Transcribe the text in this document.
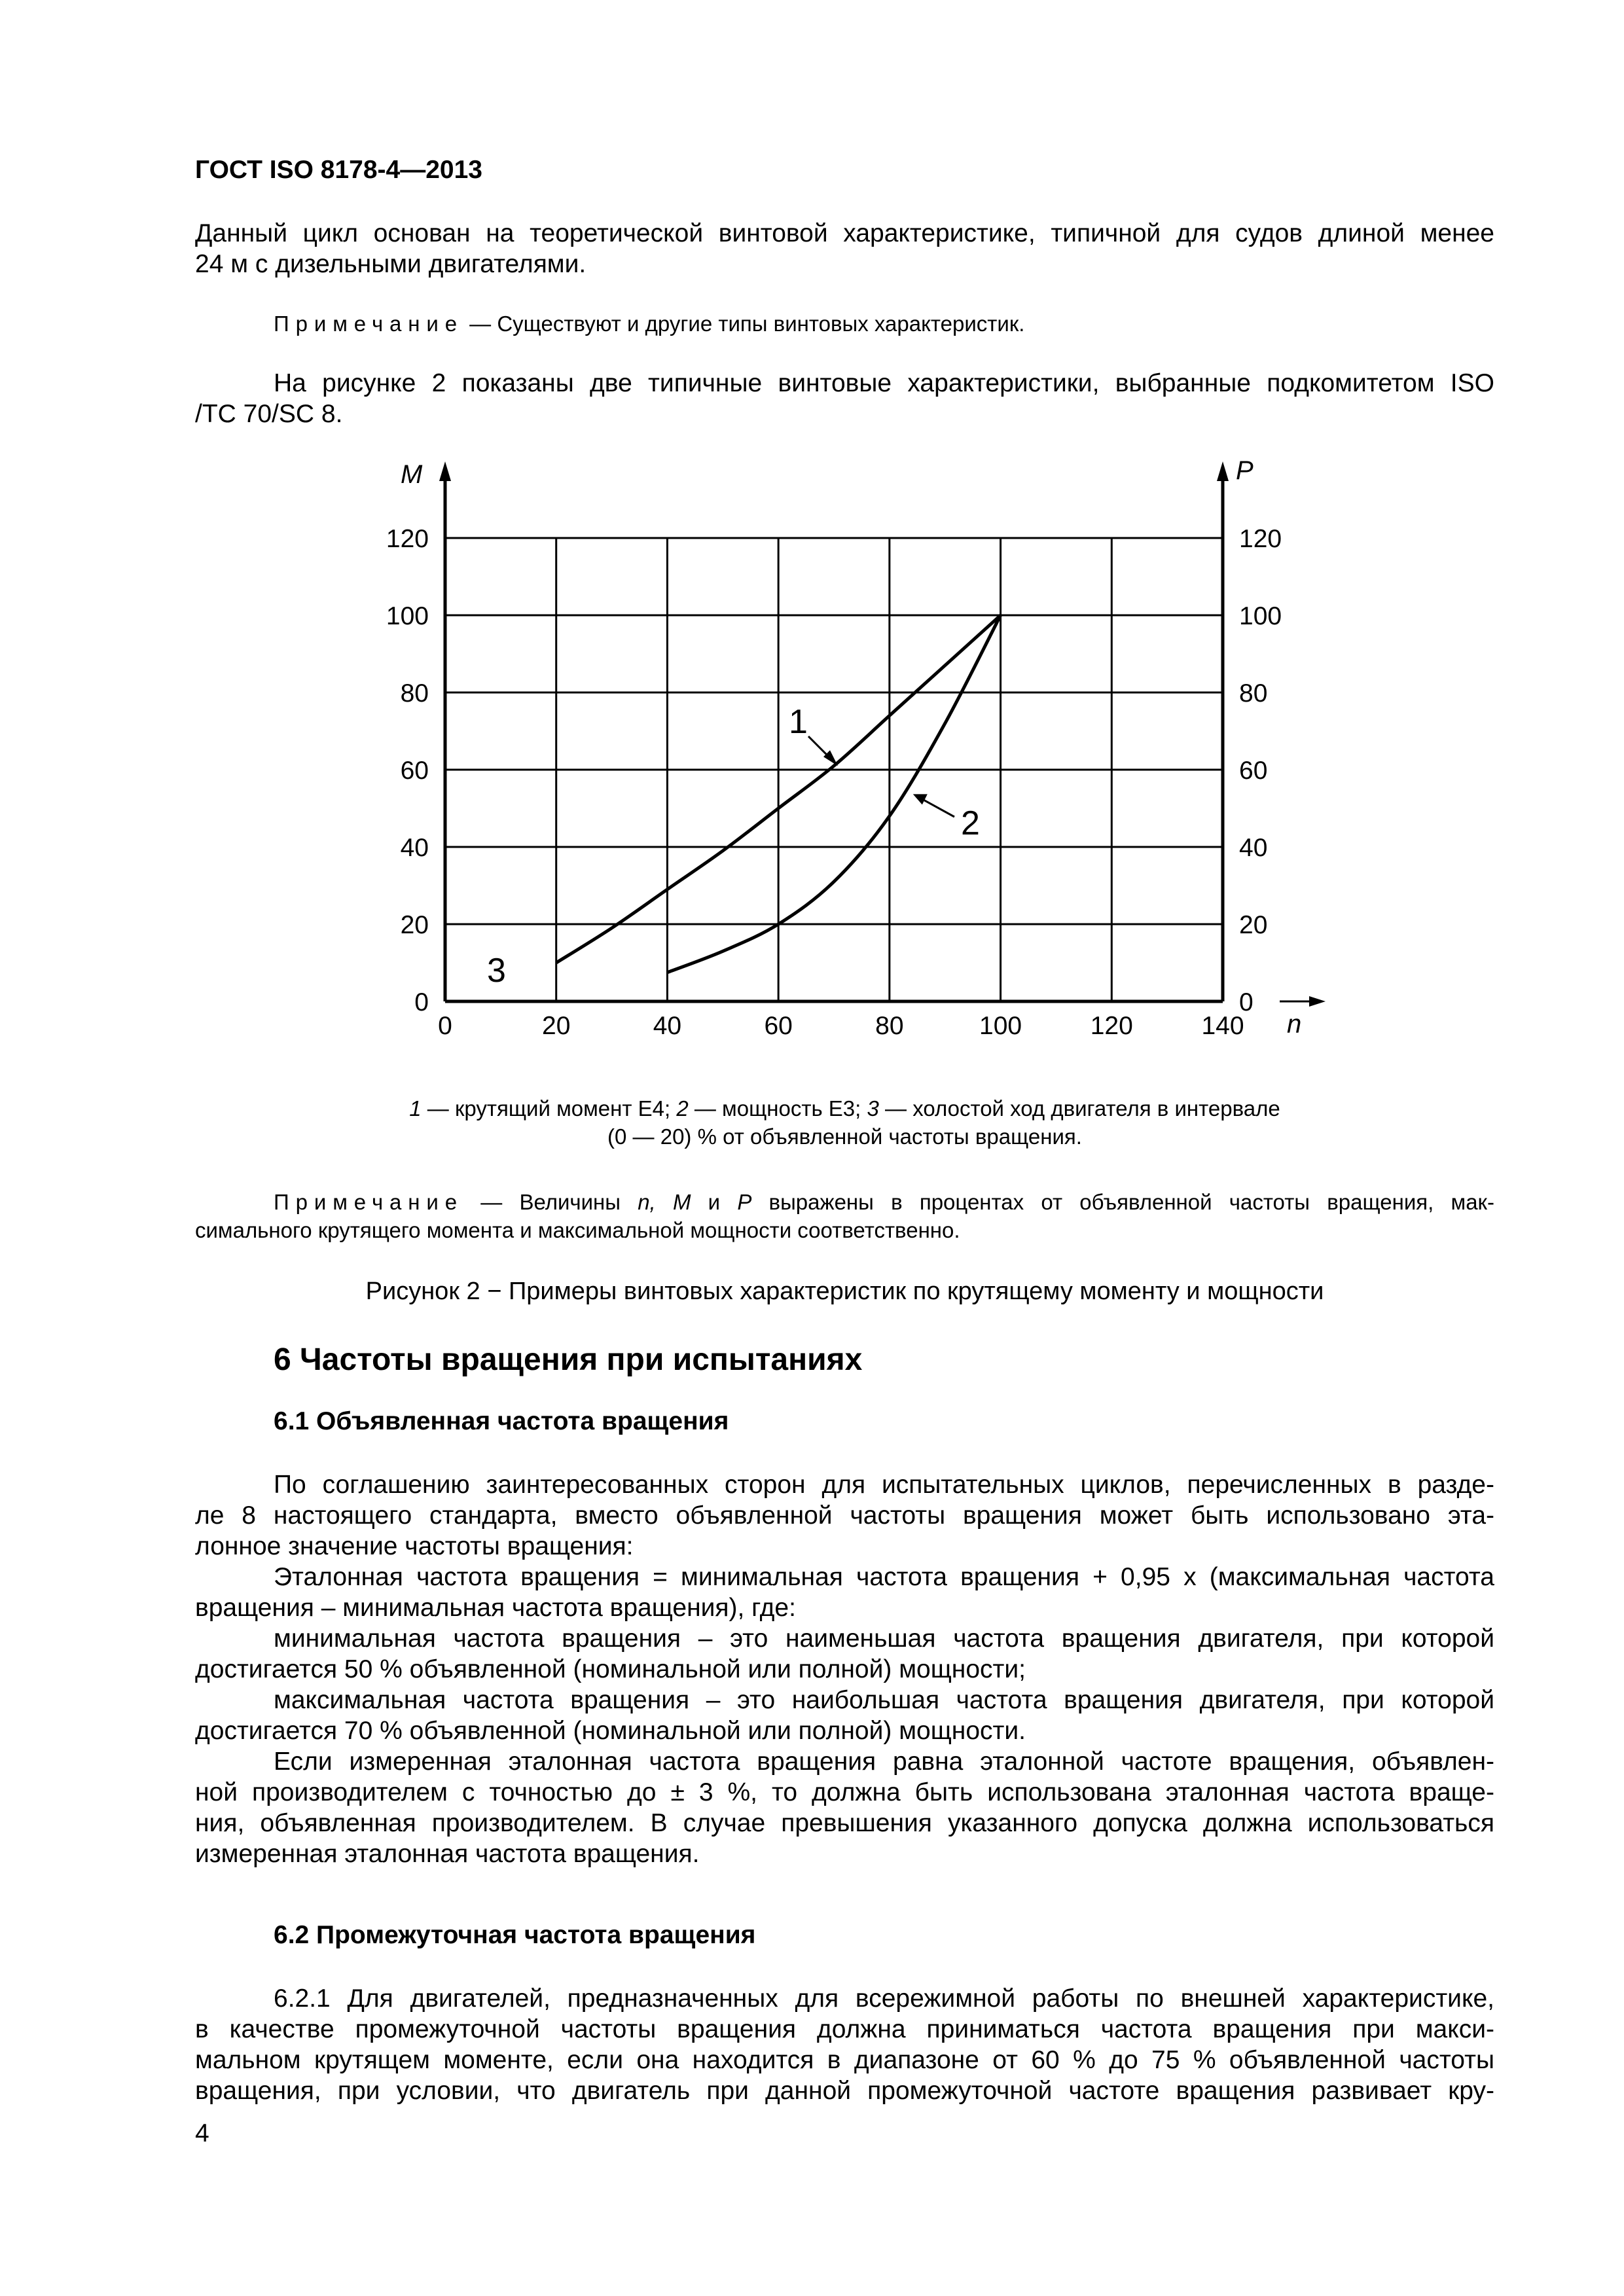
ГОСТ ISO 8178-4—2013
Данный цикл основан на теоретической винтовой характеристике, типичной для судов длиной менее
24 м с дизельными двигателями.
Примечание — Существуют и другие типы винтовых характеристик.
На рисунке 2 показаны две типичные винтовые характеристики, выбранные подкомитетом ISO
/TC 70/SC 8.
M	P
n
0	0
20	20
40	40
60	60
80	80
100	100
120	120
0	20	40	60	80	100	120	140
1
2
3
1 — крутящий момент E4; 2 — мощность E3; 3 — холостой ход двигателя в интервале
(0 — 20) % от объявленной частоты вращения.
Примечание — Величины n, M и P выражены в процентах от объявленной частоты вращения, мак-
симального крутящего момента и максимальной мощности соответственно.
Рисунок 2 − Примеры винтовых характеристик по крутящему моменту и мощности
6 Частоты вращения при испытаниях
6.1 Объявленная частота вращения
По соглашению заинтересованных сторон для испытательных циклов, перечисленных в разде-
ле 8 настоящего стандарта, вместо объявленной частоты вращения может быть использовано эта-
лонное значение частоты вращения:
Эталонная частота вращения = минимальная частота вращения + 0,95 х (максимальная частота
вращения – минимальная частота вращения), где:
минимальная частота вращения – это наименьшая частота вращения двигателя, при которой
достигается 50 % объявленной (номинальной или полной) мощности;
максимальная частота вращения – это наибольшая частота вращения двигателя, при которой
достигается 70 % объявленной (номинальной или полной) мощности.
Если измеренная эталонная частота вращения равна эталонной частоте вращения, объявлен-
ной производителем с точностью до ± 3 %, то должна быть использована эталонная частота враще-
ния, объявленная производителем. В случае превышения указанного допуска должна использоваться
измеренная эталонная частота вращения.
6.2 Промежуточная частота вращения
6.2.1 Для двигателей, предназначенных для всережимной работы по внешней характеристике,
в качестве промежуточной частоты вращения должна приниматься частота вращения при макси-
мальном крутящем моменте, если она находится в диапазоне от 60 % до 75 % объявленной частоты
вращения, при условии, что двигатель при данной промежуточной частоте вращения развивает кру-
4
